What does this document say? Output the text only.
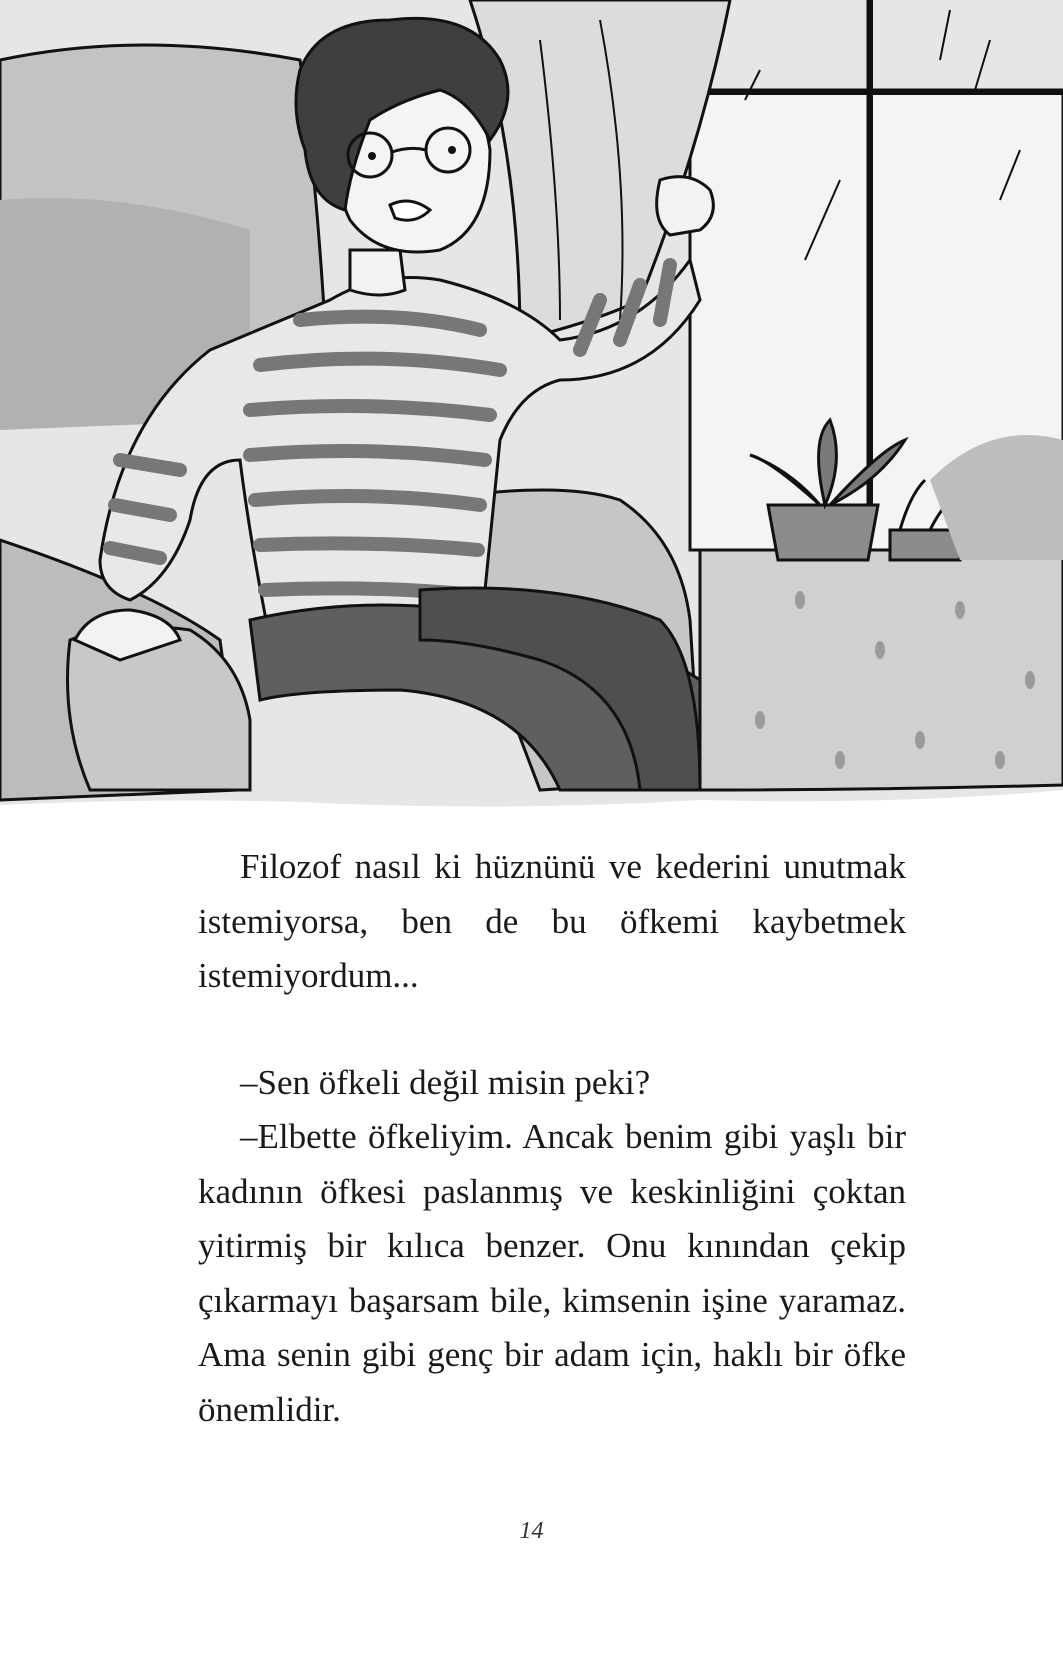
Filozof nasıl ki hüznünü ve kederini unutmak istemiyorsa, ben de bu öfkemi kaybetmek istemiyordum...

–Sen öfkeli değil misin peki?

–Elbette öfkeliyim. Ancak benim gibi yaşlı bir kadının öfkesi paslanmış ve keskinliğini çoktan yitirmiş bir kılıca benzer. Onu kınından çekip çıkarmayı başarsam bile, kimsenin işine yaramaz. Ama senin gibi genç bir adam için, haklı bir öfke önemlidir.

14
